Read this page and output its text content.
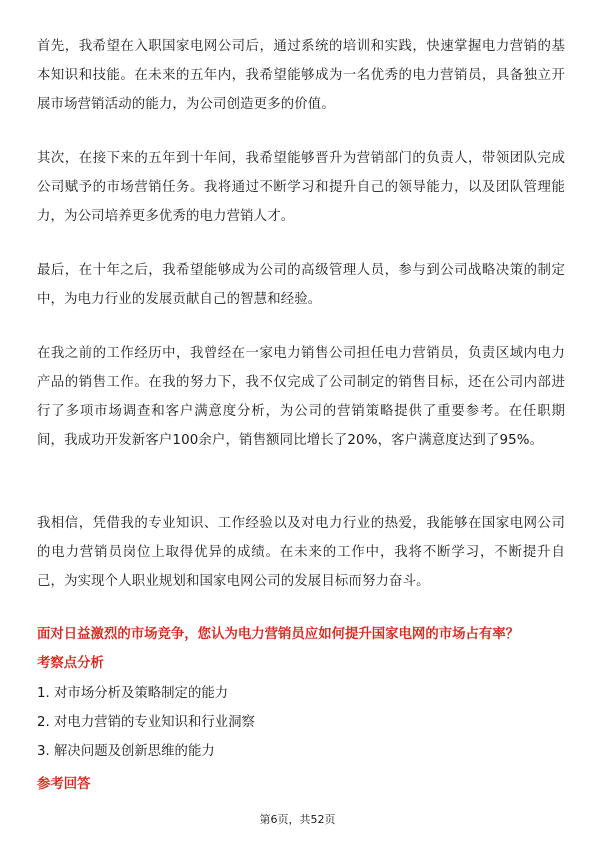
首先，我希望在入职国家电网公司后，通过系统的培训和实践，快速掌握电力营销的基本知识和技能。在未来的五年内，我希望能够成为一名优秀的电力营销员，具备独立开展市场营销活动的能力，为公司创造更多的价值。

其次，在接下来的五年到十年间，我希望能够晋升为营销部门的负责人，带领团队完成公司赋予的市场营销任务。我将通过不断学习和提升自己的领导能力，以及团队管理能力，为公司培养更多优秀的电力营销人才。

最后，在十年之后，我希望能够成为公司的高级管理人员，参与到公司战略决策的制定中，为电力行业的发展贡献自己的智慧和经验。

在我之前的工作经历中，我曾经在一家电力销售公司担任电力营销员，负责区域内电力产品的销售工作。在我的努力下，我不仅完成了公司制定的销售目标，还在公司内部进行了多项市场调查和客户满意度分析，为公司的营销策略提供了重要参考。在任职期间，我成功开发新客户100余户，销售额同比增长了20%，客户满意度达到了95%。

我相信，凭借我的专业知识、工作经验以及对电力行业的热爱，我能够在国家电网公司的电力营销员岗位上取得优异的成绩。在未来的工作中，我将不断学习，不断提升自己，为实现个人职业规划和国家电网公司的发展目标而努力奋斗。

面对日益激烈的市场竞争，您认为电力营销员应如何提升国家电网的市场占有率？

考察点分析

1. 对市场分析及策略制定的能力
2. 对电力营销的专业知识和行业洞察
3. 解决问题及创新思维的能力

参考回答

第6页，共52页
